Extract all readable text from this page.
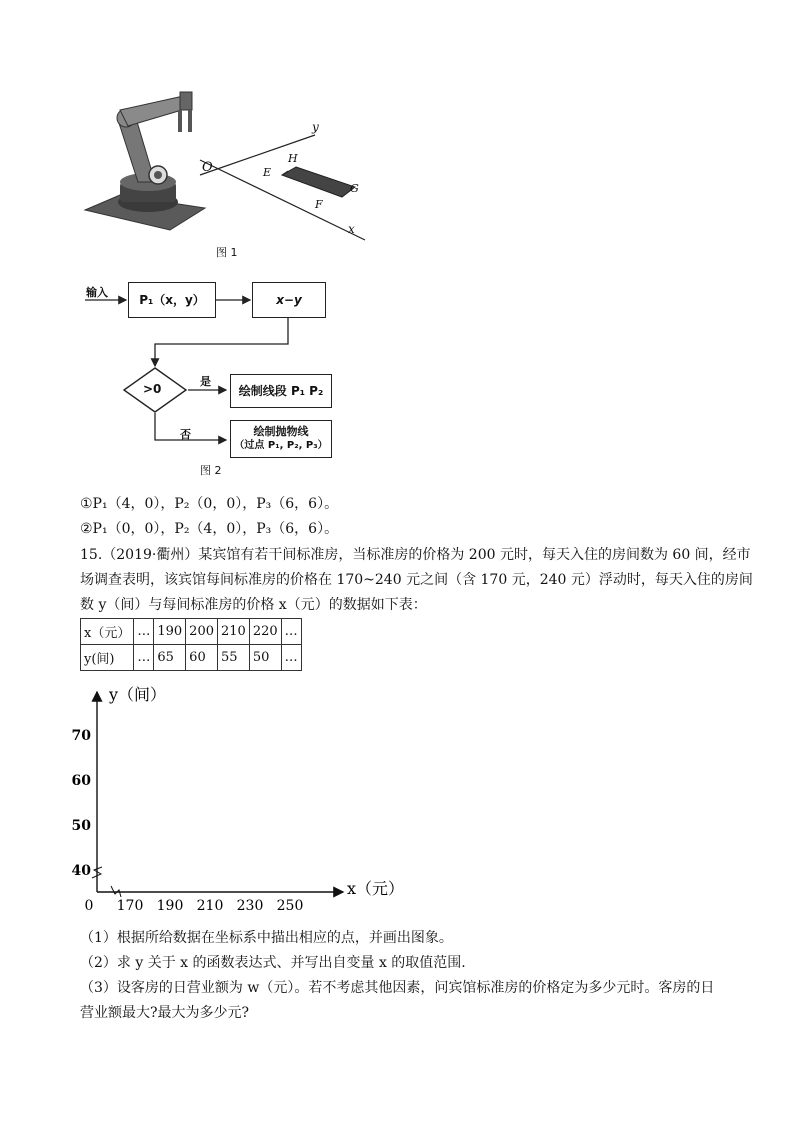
O
y
x
H
E
G
F
图 1
输入
P₁（x，y）	x−y
>0
是
否
绘制线段 P₁ P₂
绘制抛物线
（过点 P₁, P₂, P₃）
图 2
①P₁（4，0），P₂（0，0），P₃（6，6）。
②P₁（0，0），P₂（4，0），P₃（6，6）。
15.（2019·衢州）某宾馆有若干间标准房，当标准房的价格为 200 元时，每天入住的房间数为 60 间，经市
场调查表明，该宾馆每间标准房的价格在 170~240 元之间（含 170 元，240 元）浮动时，每天入住的房间
数 y（间）与每间标准房的价格 x（元）的数据如下表：
x（元）	…	190	200	210	220	…
y(间)	…	65	60	55	50	…
0 170 190 210 230 250
40
50
60
70
x（元）
y（间）
（1）根据所给数据在坐标系中描出相应的点，并画出图象。
（2）求 y 关于 x 的函数表达式、并写出自变量 x 的取值范围.
（3）设客房的日营业额为 w（元）。若不考虑其他因素，问宾馆标准房的价格定为多少元时。客房的日
营业额最大?最大为多少元?
